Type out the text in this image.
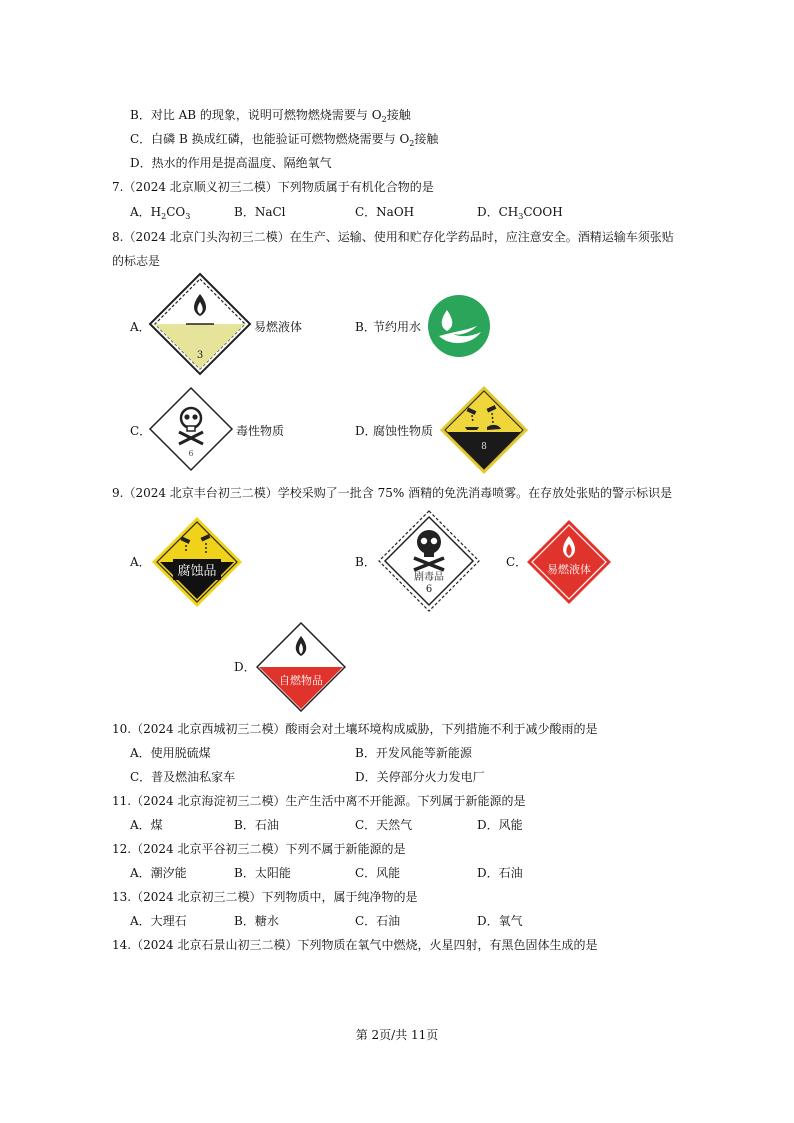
B．对比 AB 的现象，说明可燃物燃烧需要与 $O_2$接触
C．白磷 B 换成红磷，也能验证可燃物燃烧需要与 $O_2$接触
D．热水的作用是提高温度、隔绝氧气
7.（2024 北京顺义初三二模）下列物质属于有机化合物的是
A．$H_2CO_3$	B．NaCl	C．NaOH	D．$CH_3COOH$
8.（2024 北京门头沟初三二模）在生产、运输、使用和贮存化学药品时，应注意安全。酒精运输车须张贴
的标志是
A．
3
易燃液体	B．
节约用水
C．
6
毒性物质	D．
腐蚀性物质
8
9.（2024 北京丰台初三二模）学校采购了一批含 75% 酒精的免洗消毒喷雾。在存放处张贴的警示标识是
A．
腐蚀品
B．
剧毒品
6
C．
易燃液体
D．
自燃物品
10.（2024 北京西城初三二模）酸雨会对土壤环境构成威胁，下列措施不利于减少酸雨的是
A．使用脱硫煤	B．开发风能等新能源
C．普及燃油私家车	D．关停部分火力发电厂
11.（2024 北京海淀初三二模）生产生活中离不开能源。下列属于新能源的是
A．煤	B．石油	C．天然气	D．风能
12.（2024 北京平谷初三二模）下列不属于新能源的是
A．潮汐能	B．太阳能	C．风能	D．石油
13.（2024 北京初三二模）下列物质中，属于纯净物的是
A．大理石	B．糖水	C．石油	D．氧气
14.（2024 北京石景山初三二模）下列物质在氧气中燃烧，火星四射，有黑色固体生成的是
第 2页/共 11页
